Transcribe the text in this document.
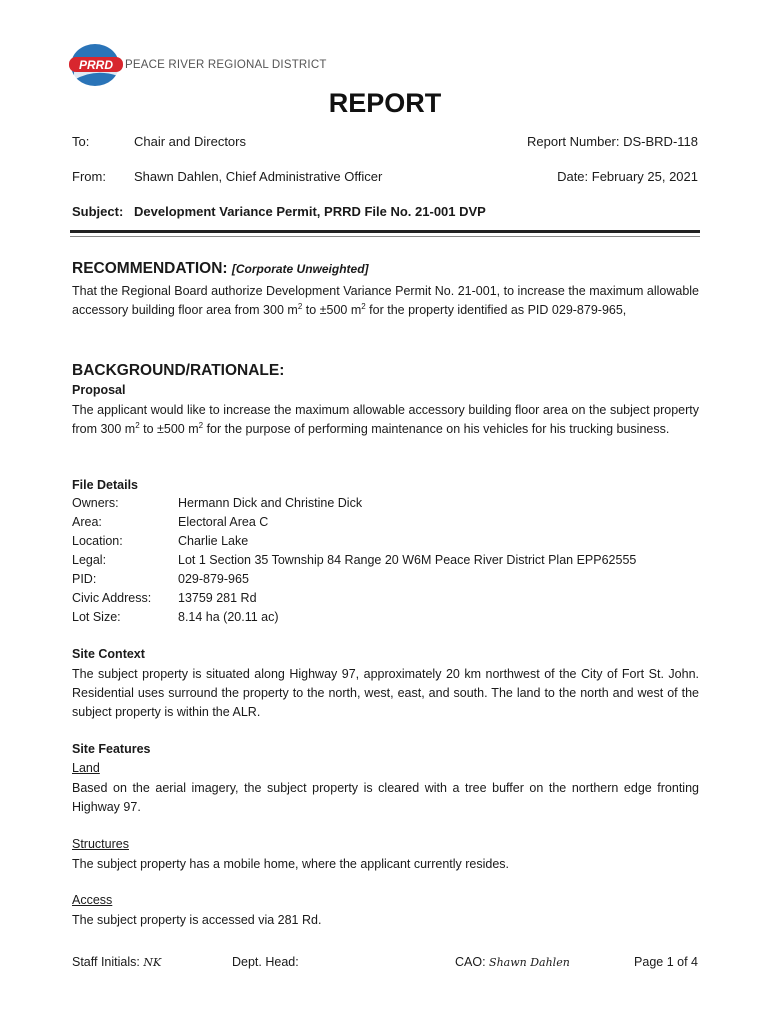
PRRD PEACE RIVER REGIONAL DISTRICT
REPORT
To:	Chair and Directors	Report Number: DS-BRD-118
From: Shawn Dahlen, Chief Administrative Officer	Date: February 25, 2021
Subject: Development Variance Permit, PRRD File No. 21-001 DVP
RECOMMENDATION: [Corporate Unweighted]

That the Regional Board authorize Development Variance Permit No. 21-001, to increase the maximum allowable accessory building floor area from 300 $m^2$ to ±500 $m^2$ for the property identified as PID 029-879-965,

BACKGROUND/RATIONALE:
Proposal

The applicant would like to increase the maximum allowable accessory building floor area on the subject property from 300 $m^2$ to ±500 $m^2$ for the purpose of performing maintenance on his vehicles for his trucking business.

File Details
Owners:	Hermann Dick and Christine Dick
Area:	Electoral Area C
Location:	Charlie Lake
Legal:	Lot 1 Section 35 Township 84 Range 20 W6M Peace River District Plan EPP62555
PID:	029-879-965
Civic Address: 13759 281 Rd
Lot Size:	8.14 ha (20.11 ac)
Site Context

The subject property is situated along Highway 97, approximately 20 km northwest of the City of Fort St. John. Residential uses surround the property to the north, west, east, and south. The land to the north and west of the subject property is within the ALR.

Site Features
Land

Based on the aerial imagery, the subject property is cleared with a tree buffer on the northern edge fronting Highway 97.

Structures

The subject property has a mobile home, where the applicant currently resides.

Access

The subject property is accessed via 281 Rd.

Staff Initials: NK	Dept. Head:	CAO: Shawn Dahlen	Page 1 of 4
